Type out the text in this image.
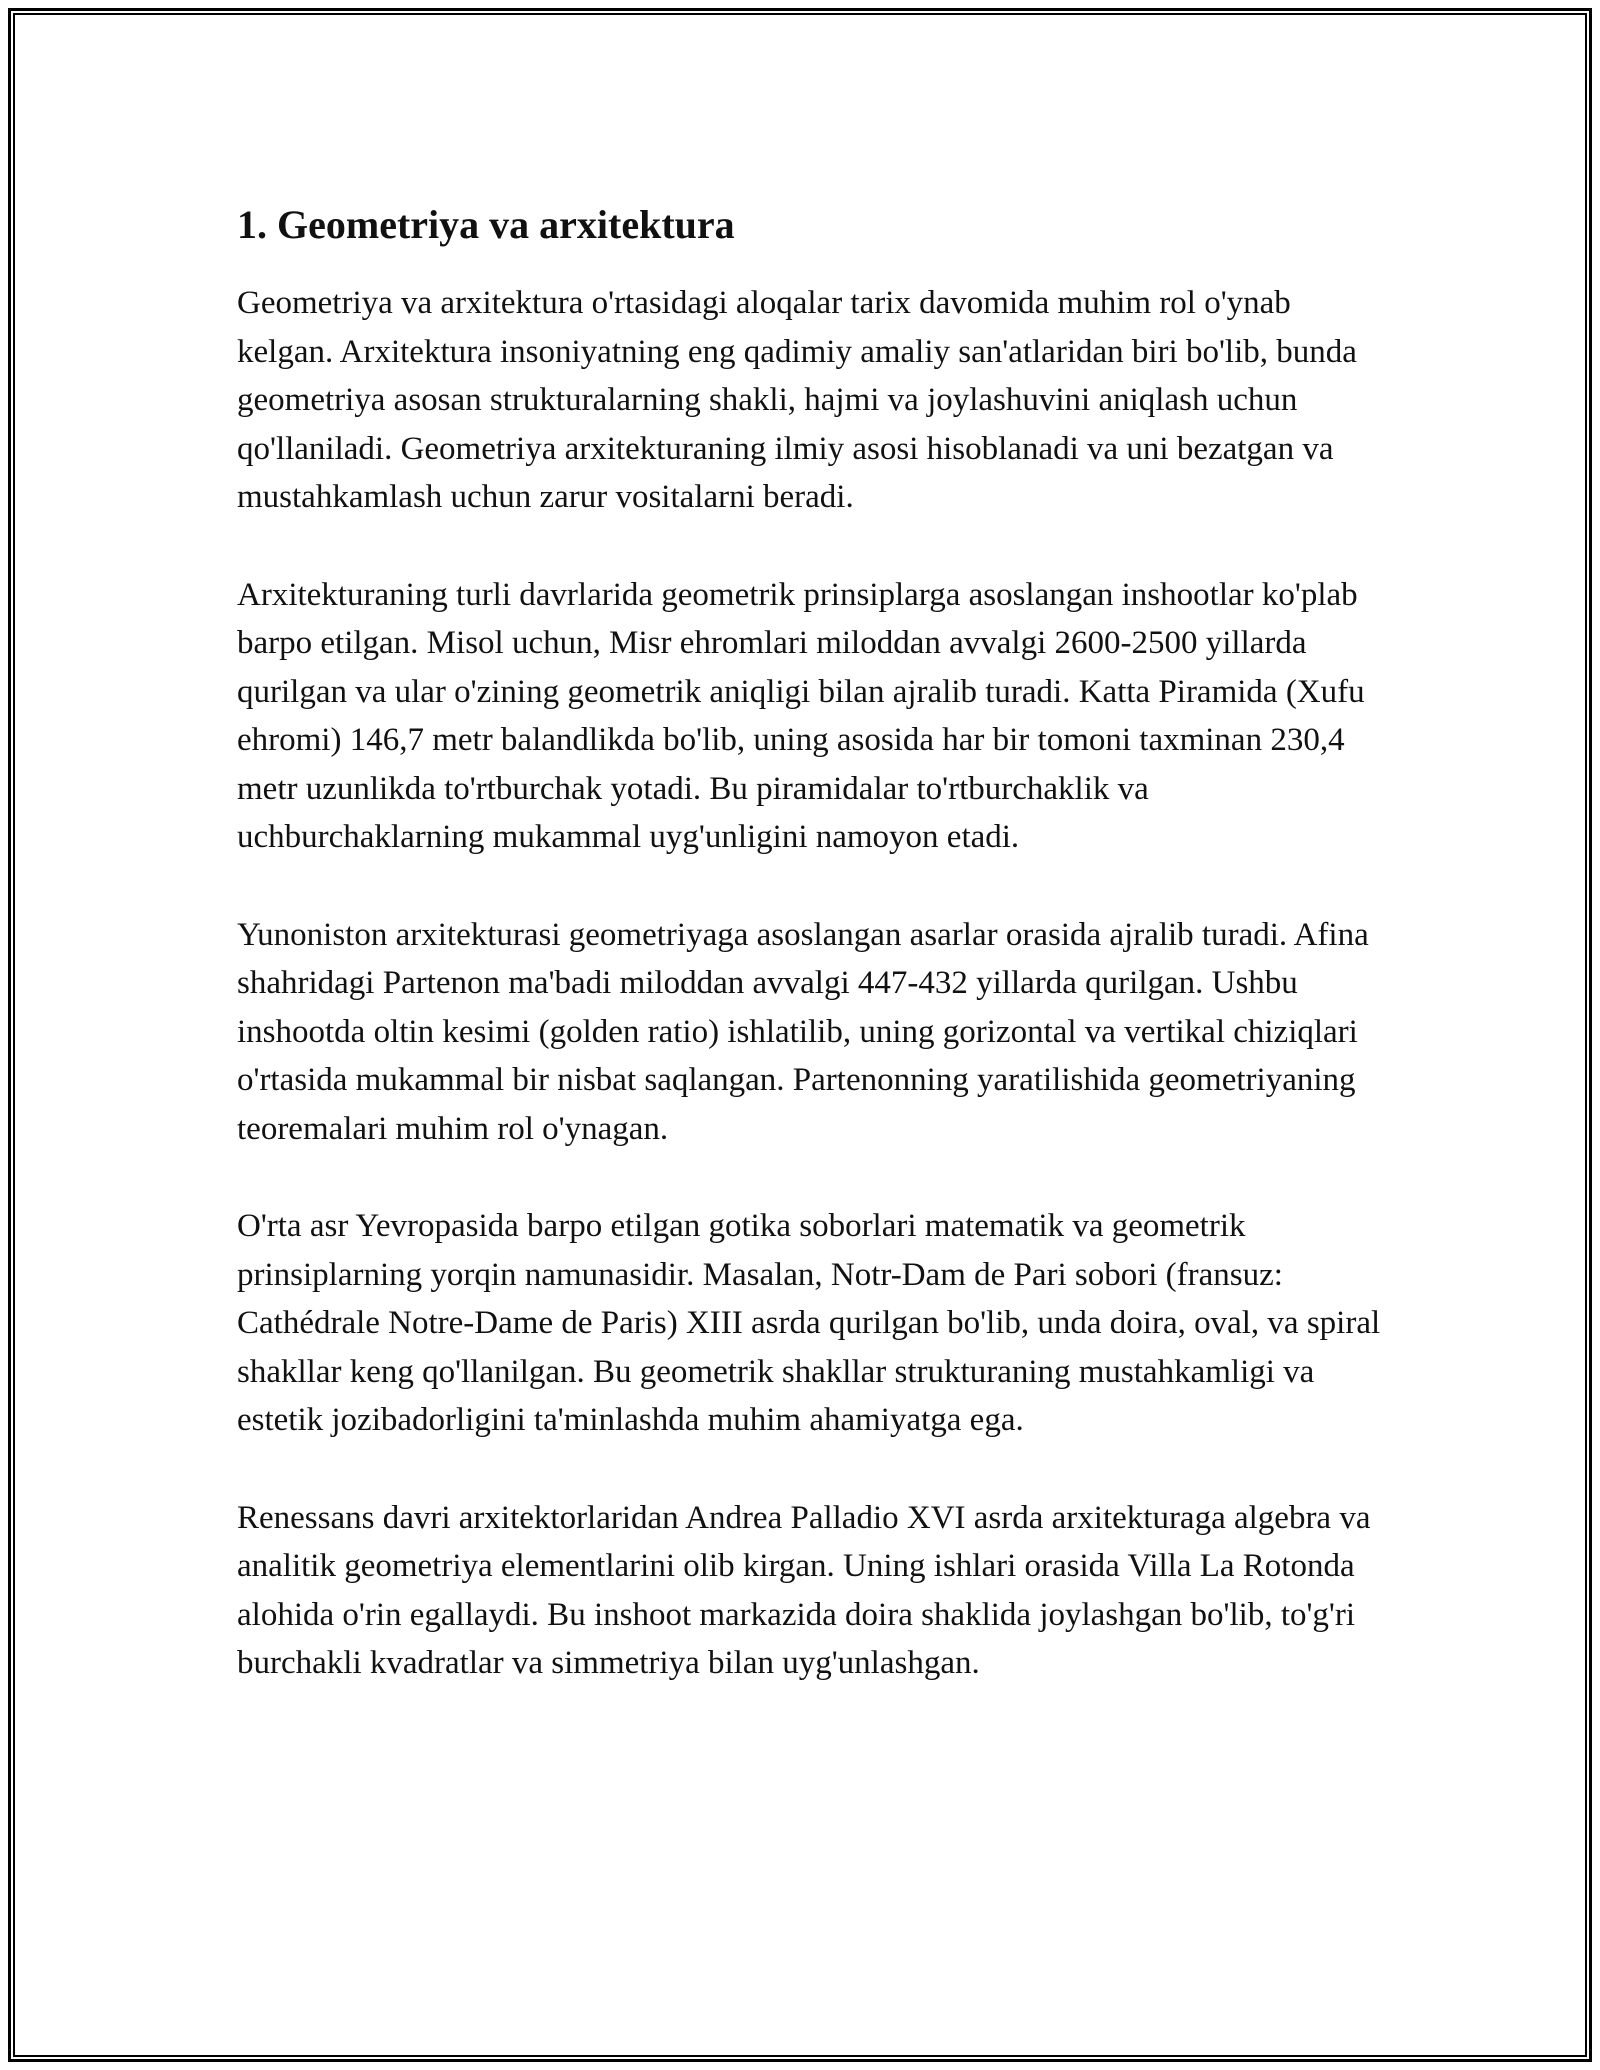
1. Geometriya va arxitektura

Geometriya va arxitektura o'rtasidagi aloqalar tarix davomida muhim rol o'ynab kelgan. Arxitektura insoniyatning eng qadimiy amaliy san'atlaridan biri bo'lib, bunda geometriya asosan strukturalarning shakli, hajmi va joylashuvini aniqlash uchun qo'llaniladi. Geometriya arxitekturaning ilmiy asosi hisoblanadi va uni bezatgan va mustahkamlash uchun zarur vositalarni beradi.

Arxitekturaning turli davrlarida geometrik prinsiplarga asoslangan inshootlar ko'plab barpo etilgan. Misol uchun, Misr ehromlari miloddan avvalgi 2600-2500 yillarda qurilgan va ular o'zining geometrik aniqligi bilan ajralib turadi. Katta Piramida (Xufu ehromi) 146,7 metr balandlikda bo'lib, uning asosida har bir tomoni taxminan 230,4 metr uzunlikda to'rtburchak yotadi. Bu piramidalar to'rtburchaklik va uchburchaklarning mukammal uyg'unligini namoyon etadi.

Yunoniston arxitekturasi geometriyaga asoslangan asarlar orasida ajralib turadi. Afina shahridagi Partenon ma'badi miloddan avvalgi 447-432 yillarda qurilgan. Ushbu inshootda oltin kesimi (golden ratio) ishlatilib, uning gorizontal va vertikal chiziqlari o'rtasida mukammal bir nisbat saqlangan. Partenonning yaratilishida geometriyaning teoremalari muhim rol o'ynagan.

O'rta asr Yevropasida barpo etilgan gotika soborlari matematik va geometrik prinsiplarning yorqin namunasidir. Masalan, Notr-Dam de Pari sobori (fransuz: Cathédrale Notre-Dame de Paris) XIII asrda qurilgan bo'lib, unda doira, oval, va spiral shakllar keng qo'llanilgan. Bu geometrik shakllar strukturaning mustahkamligi va estetik jozibadorligini ta'minlashda muhim ahamiyatga ega.

Renessans davri arxitektorlaridan Andrea Palladio XVI asrda arxitekturaga algebra va analitik geometriya elementlarini olib kirgan. Uning ishlari orasida Villa La Rotonda alohida o'rin egallaydi. Bu inshoot markazida doira shaklida joylashgan bo'lib, to'g'ri burchakli kvadratlar va simmetriya bilan uyg'unlashgan.
